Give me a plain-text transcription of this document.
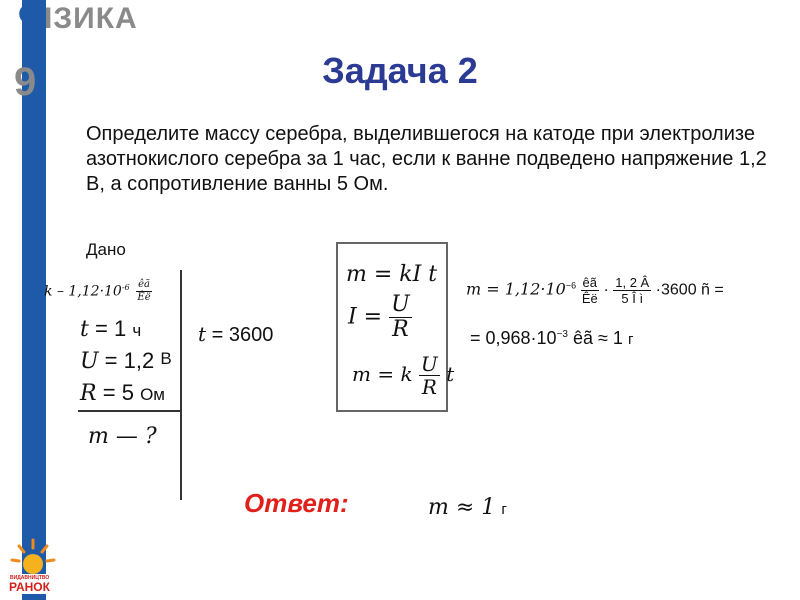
Ф
ІЗИКА
9	Задача 2
Определите массу серебра, выделившегося на катоде при электролизе азотнокислого серебра за 1 час, если к ванне подведено напряжение 1,2 В, а сопротивление ванны 5 Ом.
Дано
$k - 1,12\cdot 10^{-6} \frac{êã}{Êë}$
t = 1 ч
U = 1,2 В
R = 5 Ом
m — ?
t = 3600
m = kI t
$I = \frac{U}{R}$
m = k $\frac{U}{R}$ t
$m = 1,12\cdot 10^{-6} \frac{êã}{Êë} \cdot \frac{1, 2 Â}{\text{5 Î ì}} \cdot 3600$ ñ =
= $0,968\cdot 10^{-3}$ êã ≈ 1 г
Ответ:	m ≈ 1 г
ВИДАВНИЦТВО
РАНОК
